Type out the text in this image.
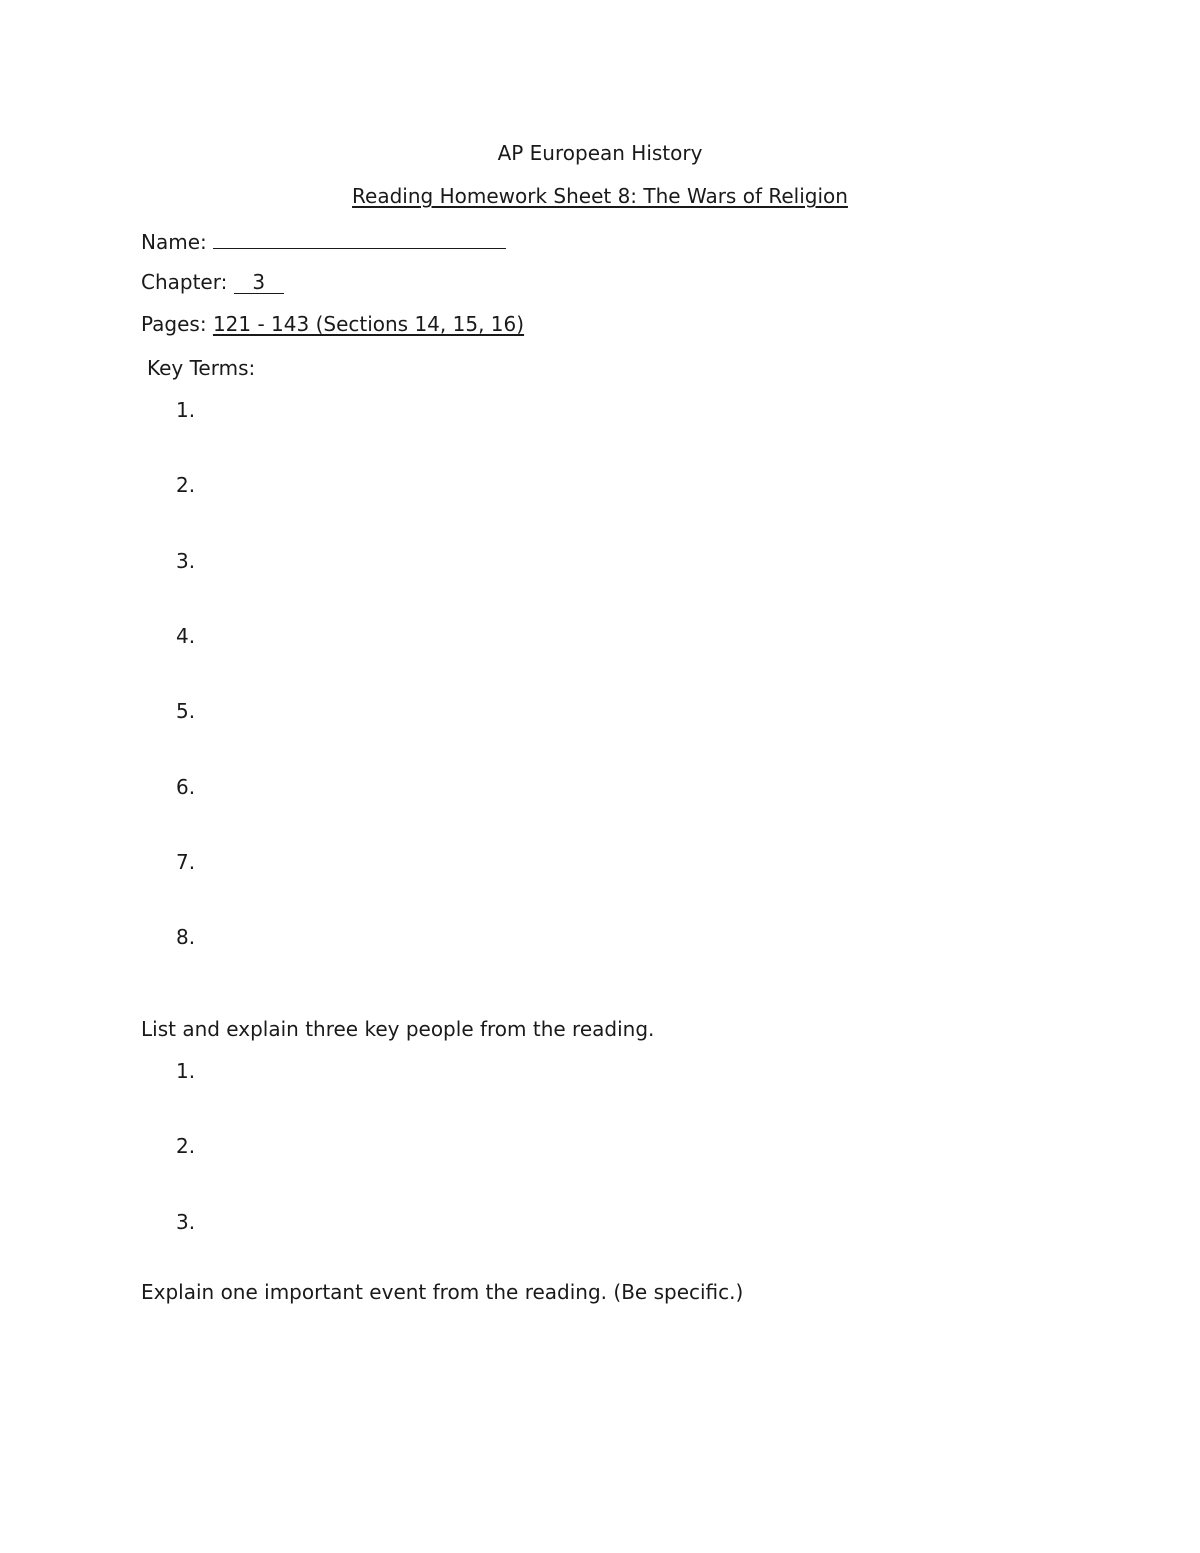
AP European History
Reading Homework Sheet 8: The Wars of Religion
Name:
Chapter: 3
Pages: 121 - 143 (Sections 14, 15, 16)
Key Terms:
1.
2.
3.
4.
5.
6.
7.
8.
List and explain three key people from the reading.
1.
2.
3.
Explain one important event from the reading. (Be specific.)
